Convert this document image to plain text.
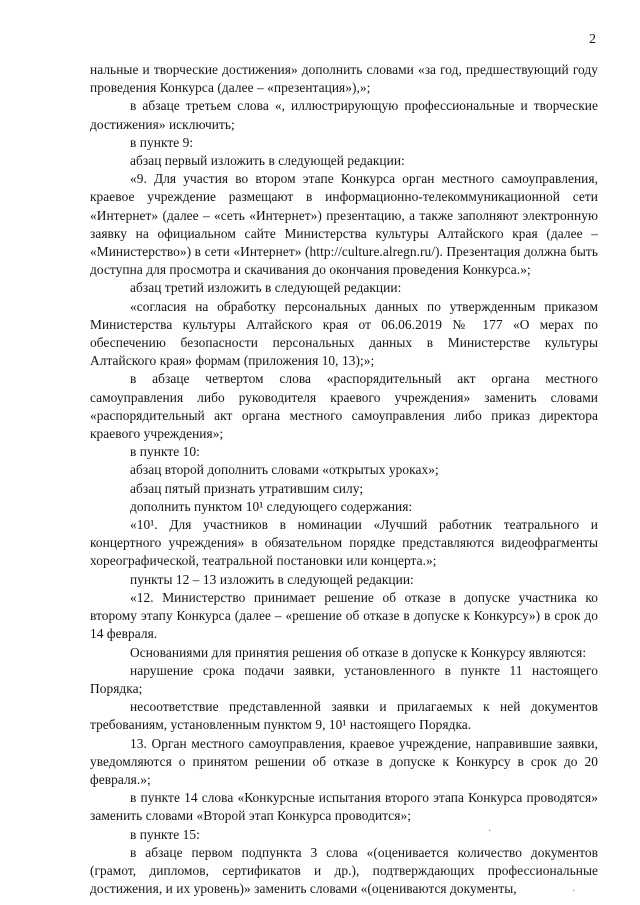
2

нальные и творческие достижения» дополнить словами «за год, предшествующий году проведения Конкурса (далее – «презентация»),»;

в абзаце третьем слова «, иллюстрирующую профессиональные и творческие достижения» исключить;

в пункте 9:

абзац первый изложить в следующей редакции:

«9. Для участия во втором этапе Конкурса орган местного самоуправления, краевое учреждение размещают в информационно-телекоммуникационной сети «Интернет» (далее – «сеть «Интернет») презентацию, а также заполняют электронную заявку на официальном сайте Министерства культуры Алтайского края (далее – «Министерство») в сети «Интернет» (http://culture.alregn.ru/). Презентация должна быть доступна для просмотра и скачивания до окончания проведения Конкурса.»;

абзац третий изложить в следующей редакции:

«согласия на обработку персональных данных по утвержденным приказом Министерства культуры Алтайского края от 06.06.2019 № 177 «О мерах по обеспечению безопасности персональных данных в Министерстве культуры Алтайского края» формам (приложения 10, 13);»;

в абзаце четвертом слова «распорядительный акт органа местного самоуправления либо руководителя краевого учреждения» заменить словами «распорядительный акт органа местного самоуправления либо приказ директора краевого учреждения»;

в пункте 10:

абзац второй дополнить словами «открытых уроках»;

абзац пятый признать утратившим силу;

дополнить пунктом 10¹ следующего содержания:

«10¹. Для участников в номинации «Лучший работник театрального и концертного учреждения» в обязательном порядке представляются видеофрагменты хореографической, театральной постановки или концерта.»;

пункты 12 – 13 изложить в следующей редакции:

«12. Министерство принимает решение об отказе в допуске участника ко второму этапу Конкурса (далее – «решение об отказе в допуске к Конкурсу») в срок до 14 февраля.

Основаниями для принятия решения об отказе в допуске к Конкурсу являются:

нарушение срока подачи заявки, установленного в пункте 11 настоящего Порядка;

несоответствие представленной заявки и прилагаемых к ней документов требованиям, установленным пунктом 9, 10¹ настоящего Порядка.

13. Орган местного самоуправления, краевое учреждение, направившие заявки, уведомляются о принятом решении об отказе в допуске к Конкурсу в срок до 20 февраля.»;

в пункте 14 слова «Конкурсные испытания второго этапа Конкурса проводятся» заменить словами «Второй этап Конкурса проводится»;

в пункте 15:

в абзаце первом подпункта 3 слова «(оценивается количество документов (грамот, дипломов, сертификатов и др.), подтверждающих профессиональные достижения, и их уровень)» заменить словами «(оцениваются документы,

·
·
